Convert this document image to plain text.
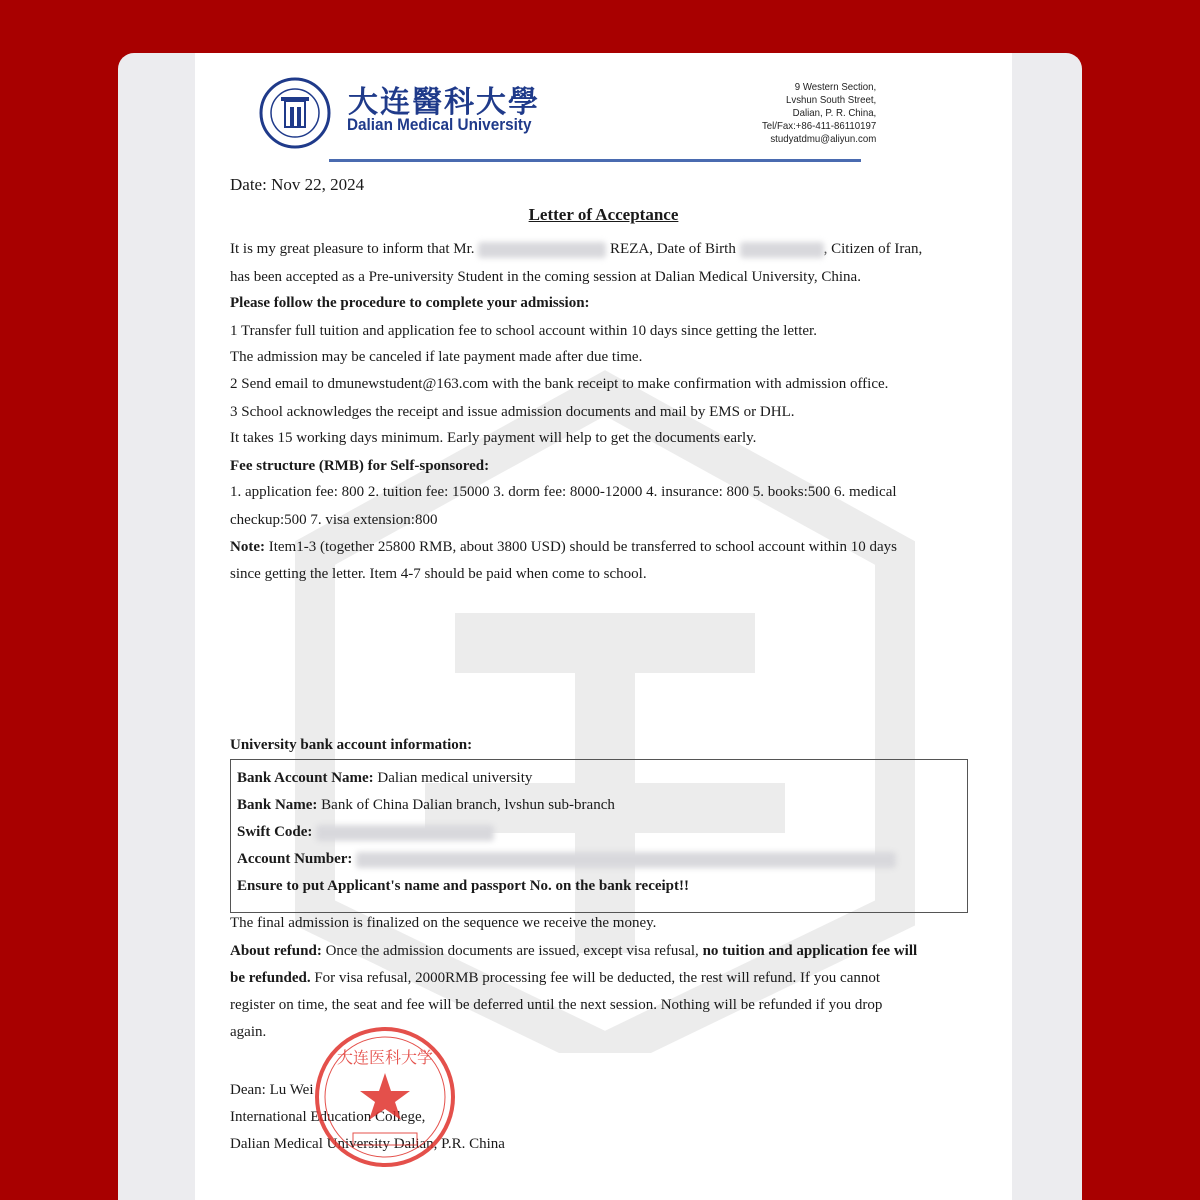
大连醫科大學
Dalian Medical University
9 Western Section,
Lvshun South Street,
Dalian, P. R. China,
Tel/Fax:+86-411-86110197
studyatdmu@aliyun.com
Date: Nov 22, 2024
Letter of Acceptance
It is my great pleasure to inform that Mr.	REZA, Date of Birth	, Citizen of Iran,
has been accepted as a Pre-university Student in the coming session at Dalian Medical University, China.
Please follow the procedure to complete your admission:
1 Transfer full tuition and application fee to school account within 10 days since getting the letter.
The admission may be canceled if late payment made after due time.
2 Send email to dmunewstudent@163.com with the bank receipt to make confirmation with admission office.
3 School acknowledges the receipt and issue admission documents and mail by EMS or DHL.
It takes 15 working days minimum. Early payment will help to get the documents early.
Fee structure (RMB) for Self-sponsored:
1. application fee: 800 2. tuition fee: 15000 3. dorm fee: 8000-12000 4. insurance: 800 5. books:500 6. medical
checkup:500 7. visa extension:800
Note: Item1-3 (together 25800 RMB, about 3800 USD) should be transferred to school account within 10 days
since getting the letter. Item 4-7 should be paid when come to school.
University bank account information:
Bank Account Name: Dalian medical university
Bank Name: Bank of China Dalian branch, lvshun sub-branch
Swift Code:
Account Number:
Ensure to put Applicant's name and passport No. on the bank receipt!!
The final admission is finalized on the sequence we receive the money.
About refund: Once the admission documents are issued, except visa refusal, no tuition and application fee will
be refunded. For visa refusal, 2000RMB processing fee will be deducted, the rest will refund. If you cannot
register on time, the seat and fee will be deferred until the next session. Nothing will be refunded if you drop
again.
Dean: Lu Wei
International Education College,
Dalian Medical University Dalian, P.R. China
大连医科大学
